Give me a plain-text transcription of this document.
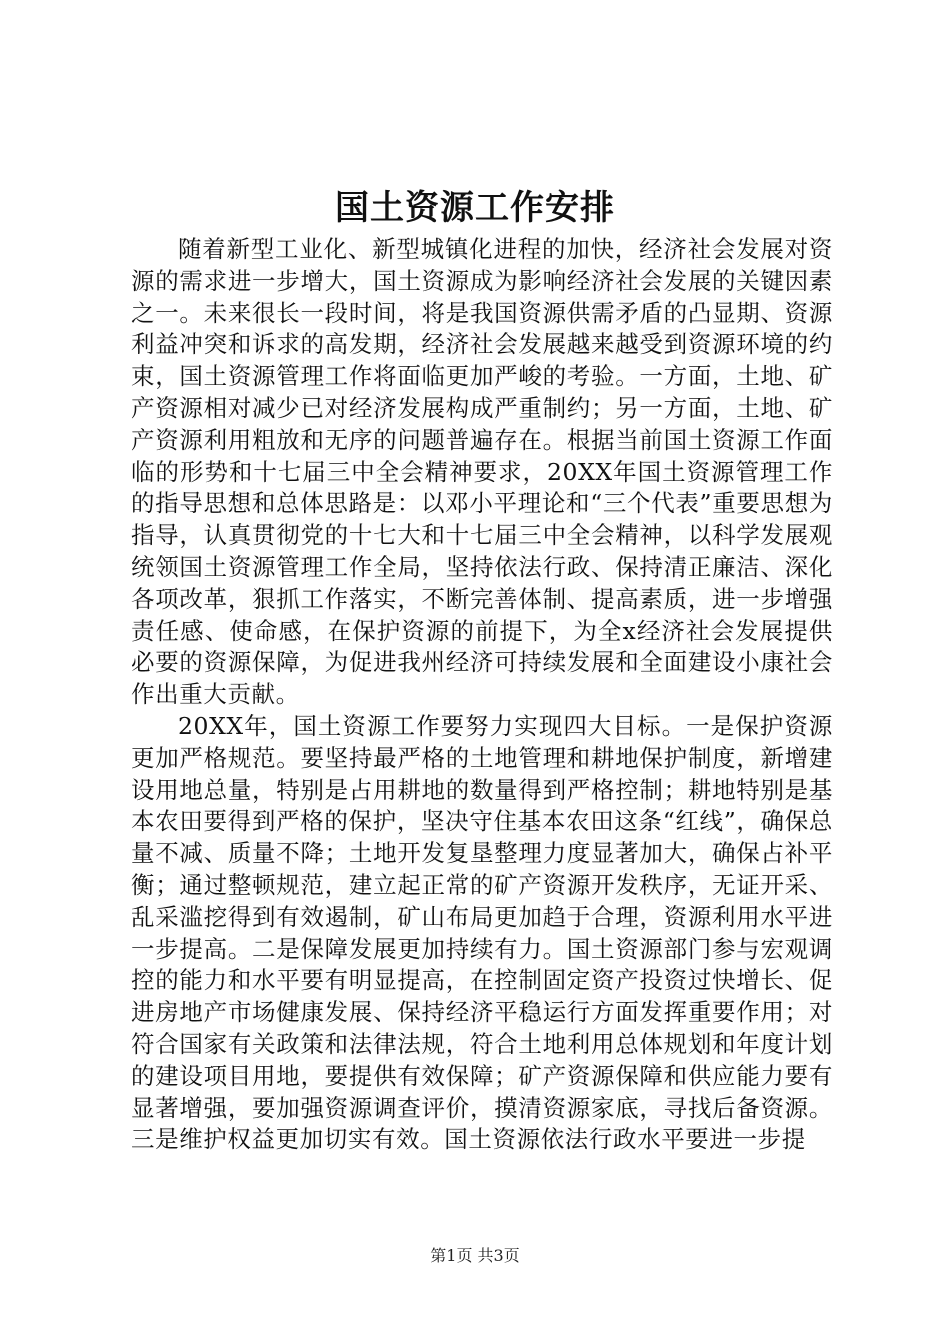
国土资源工作安排

随着新型工业化、新型城镇化进程的加快，经济社会发展对资源的需求进一步增大，国土资源成为影响经济社会发展的关键因素之一。未来很长一段时间，将是我国资源供需矛盾的凸显期、资源利益冲突和诉求的高发期，经济社会发展越来越受到资源环境的约束，国土资源管理工作将面临更加严峻的考验。一方面，土地、矿产资源相对减少已对经济发展构成严重制约；另一方面，土地、矿产资源利用粗放和无序的问题普遍存在。根据当前国土资源工作面临的形势和十七届三中全会精神要求，20XX年国土资源管理工作的指导思想和总体思路是：以邓小平理论和“三个代表”重要思想为指导，认真贯彻党的十七大和十七届三中全会精神，以科学发展观统领国土资源管理工作全局，坚持依法行政、保持清正廉洁、深化各项改革，狠抓工作落实，不断完善体制、提高素质，进一步增强责任感、使命感，在保护资源的前提下，为全x经济社会发展提供必要的资源保障，为促进我州经济可持续发展和全面建设小康社会作出重大贡献。

20XX年，国土资源工作要努力实现四大目标。一是保护资源更加严格规范。要坚持最严格的土地管理和耕地保护制度，新增建设用地总量，特别是占用耕地的数量得到严格控制；耕地特别是基本农田要得到严格的保护，坚决守住基本农田这条“红线”，确保总量不减、质量不降；土地开发复垦整理力度显著加大，确保占补平衡；通过整顿规范，建立起正常的矿产资源开发秩序，无证开采、乱采滥挖得到有效遏制，矿山布局更加趋于合理，资源利用水平进一步提高。二是保障发展更加持续有力。国土资源部门参与宏观调控的能力和水平要有明显提高，在控制固定资产投资过快增长、促进房地产市场健康发展、保持经济平稳运行方面发挥重要作用；对符合国家有关政策和法律法规，符合土地利用总体规划和年度计划的建设项目用地，要提供有效保障；矿产资源保障和供应能力要有显著增强，要加强资源调查评价，摸清资源家底，寻找后备资源。三是维护权益更加切实有效。国土资源依法行政水平要进一步提

第1页 共3页
